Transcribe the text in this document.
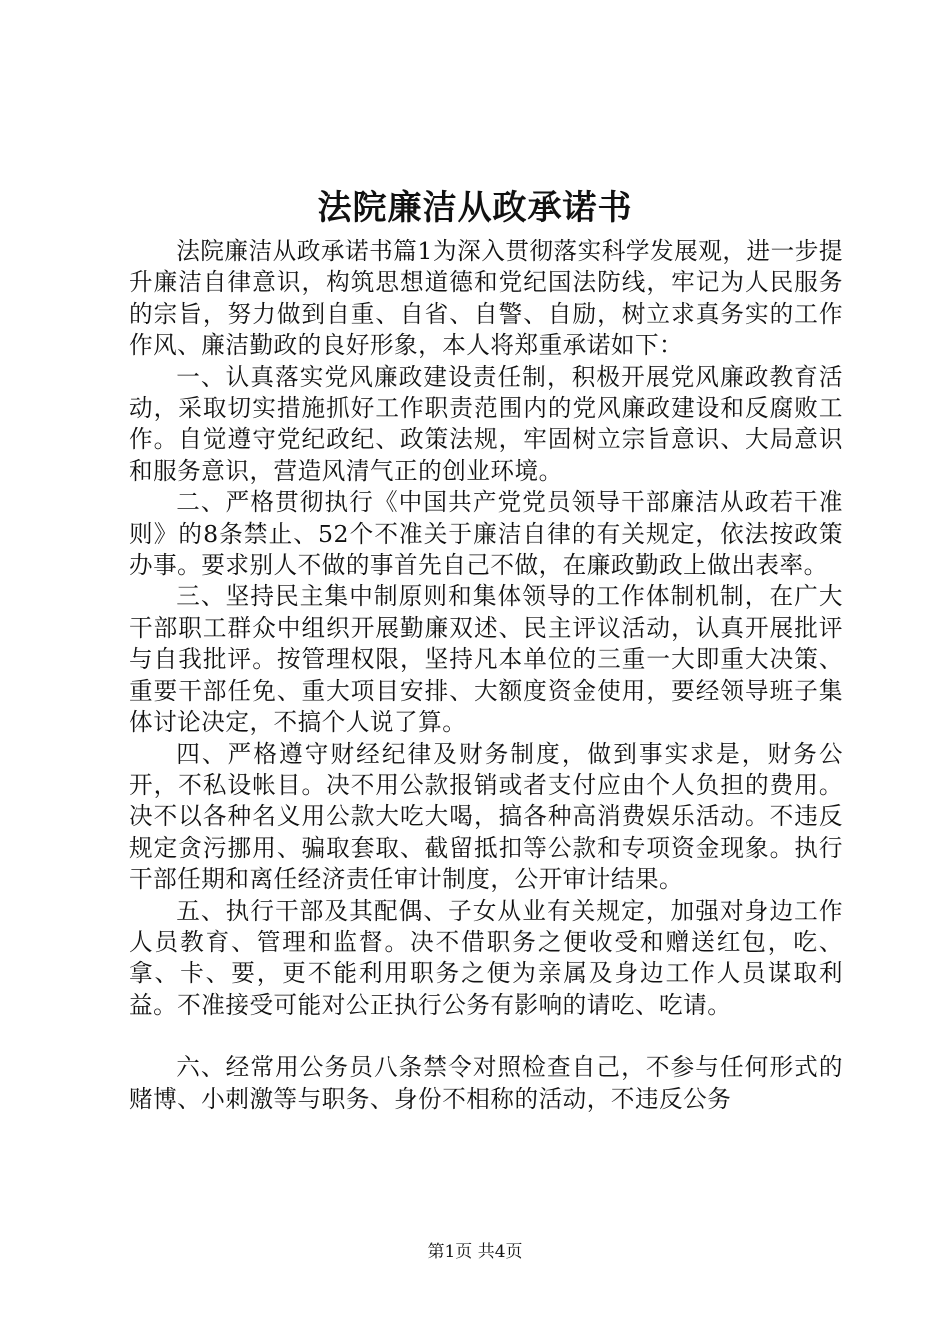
法院廉洁从政承诺书

法院廉洁从政承诺书篇1为深入贯彻落实科学发展观，进一步提升廉洁自律意识，构筑思想道德和党纪国法防线，牢记为人民服务的宗旨，努力做到自重、自省、自警、自励，树立求真务实的工作作风、廉洁勤政的良好形象，本人将郑重承诺如下：

一、认真落实党风廉政建设责任制，积极开展党风廉政教育活动，采取切实措施抓好工作职责范围内的党风廉政建设和反腐败工作。自觉遵守党纪政纪、政策法规，牢固树立宗旨意识、大局意识和服务意识，营造风清气正的创业环境。

二、严格贯彻执行《中国共产党党员领导干部廉洁从政若干准则》的8条禁止、52个不准关于廉洁自律的有关规定，依法按政策办事。要求别人不做的事首先自己不做，在廉政勤政上做出表率。

三、坚持民主集中制原则和集体领导的工作体制机制，在广大干部职工群众中组织开展勤廉双述、民主评议活动，认真开展批评与自我批评。按管理权限，坚持凡本单位的三重一大即重大决策、重要干部任免、重大项目安排、大额度资金使用，要经领导班子集体讨论决定，不搞个人说了算。

四、严格遵守财经纪律及财务制度，做到事实求是，财务公开，不私设帐目。决不用公款报销或者支付应由个人负担的费用。决不以各种名义用公款大吃大喝，搞各种高消费娱乐活动。不违反规定贪污挪用、骗取套取、截留抵扣等公款和专项资金现象。执行干部任期和离任经济责任审计制度，公开审计结果。

五、执行干部及其配偶、子女从业有关规定，加强对身边工作人员教育、管理和监督。决不借职务之便收受和赠送红包，吃、拿、卡、要，更不能利用职务之便为亲属及身边工作人员谋取利益。不准接受可能对公正执行公务有影响的请吃、吃请。

六、经常用公务员八条禁令对照检查自己，不参与任何形式的赌博、小刺激等与职务、身份不相称的活动，不违反公务

第1页 共4页
